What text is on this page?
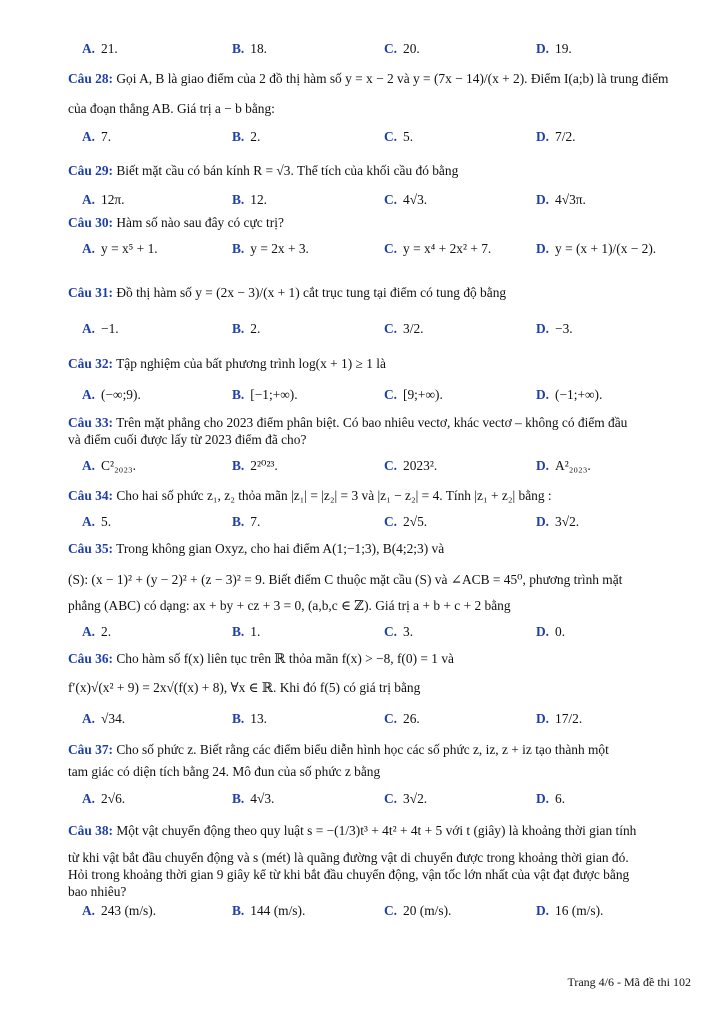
A. 21.	B. 18.	C. 20.	D. 19.
Câu 28: Gọi A, B là giao điểm của 2 đồ thị hàm số y = x − 2 và y = (7x − 14)/(x + 2). Điểm I(a;b) là trung điểm
của đoạn thẳng AB. Giá trị a − b bằng:
A. 7.	B. 2.	C. 5.	D. 7/2.
Câu 29: Biết mặt cầu có bán kính R = √3. Thể tích của khối cầu đó bằng
A. 12π.	B. 12.	C. 4√3.	D. 4√3π.
Câu 30: Hàm số nào sau đây có cực trị?
A. y = x⁵ + 1.	B. y = 2x + 3.	C. y = x⁴ + 2x² + 7.	D. y = (x + 1)/(x − 2).
Câu 31: Đồ thị hàm số y = (2x − 3)/(x + 1) cắt trục tung tại điểm có tung độ bằng
A. −1.	B. 2.	C. 3/2.	D. −3.
Câu 32: Tập nghiệm của bất phương trình log(x + 1) ≥ 1 là
A. (−∞;9).	B. [−1;+∞).	C. [9;+∞).	D. (−1;+∞).
Câu 33: Trên mặt phẳng cho 2023 điểm phân biệt. Có bao nhiêu vectơ, khác vectơ – không có điểm đầu
và điểm cuối được lấy từ 2023 điểm đã cho?
A. C²₂₀₂₃.	B. 2²⁰²³.	C. 2023².	D. A²₂₀₂₃.
Câu 34: Cho hai số phức z₁, z₂ thỏa mãn |z₁| = |z₂| = 3 và |z₁ − z₂| = 4. Tính |z₁ + z₂| bằng :
A. 5.	B. 7.	C. 2√5.	D. 3√2.
Câu 35: Trong không gian Oxyz, cho hai điểm A(1;−1;3), B(4;2;3) và
(S): (x − 1)² + (y − 2)² + (z − 3)² = 9. Biết điểm C thuộc mặt cầu (S) và ∠ACB = 45⁰, phương trình mặt
phẳng (ABC) có dạng: ax + by + cz + 3 = 0, (a,b,c ∈ ℤ). Giá trị a + b + c + 2 bằng
A. 2.	B. 1.	C. 3.	D. 0.
Câu 36: Cho hàm số f(x) liên tục trên ℝ thỏa mãn f(x) > −8, f(0) = 1 và
f′(x)√(x² + 9) = 2x√(f(x) + 8), ∀x ∈ ℝ. Khi đó f(5) có giá trị bằng
A. √34.	B. 13.	C. 26.	D. 17/2.
Câu 37: Cho số phức z. Biết rằng các điểm biểu diễn hình học các số phức z, iz, z + iz tạo thành một
tam giác có diện tích bằng 24. Mô đun của số phức z bằng
A. 2√6.	B. 4√3.	C. 3√2.	D. 6.
Câu 38: Một vật chuyển động theo quy luật s = −(1/3)t³ + 4t² + 4t + 5 với t (giây) là khoảng thời gian tính
từ khi vật bắt đầu chuyển động và s (mét) là quãng đường vật di chuyển được trong khoảng thời gian đó.
Hỏi trong khoảng thời gian 9 giây kể từ khi bắt đầu chuyển động, vận tốc lớn nhất của vật đạt được bằng
bao nhiêu?
A. 243 (m/s).	B. 144 (m/s).	C. 20 (m/s).	D. 16 (m/s).
Trang 4/6 - Mã đề thi 102
